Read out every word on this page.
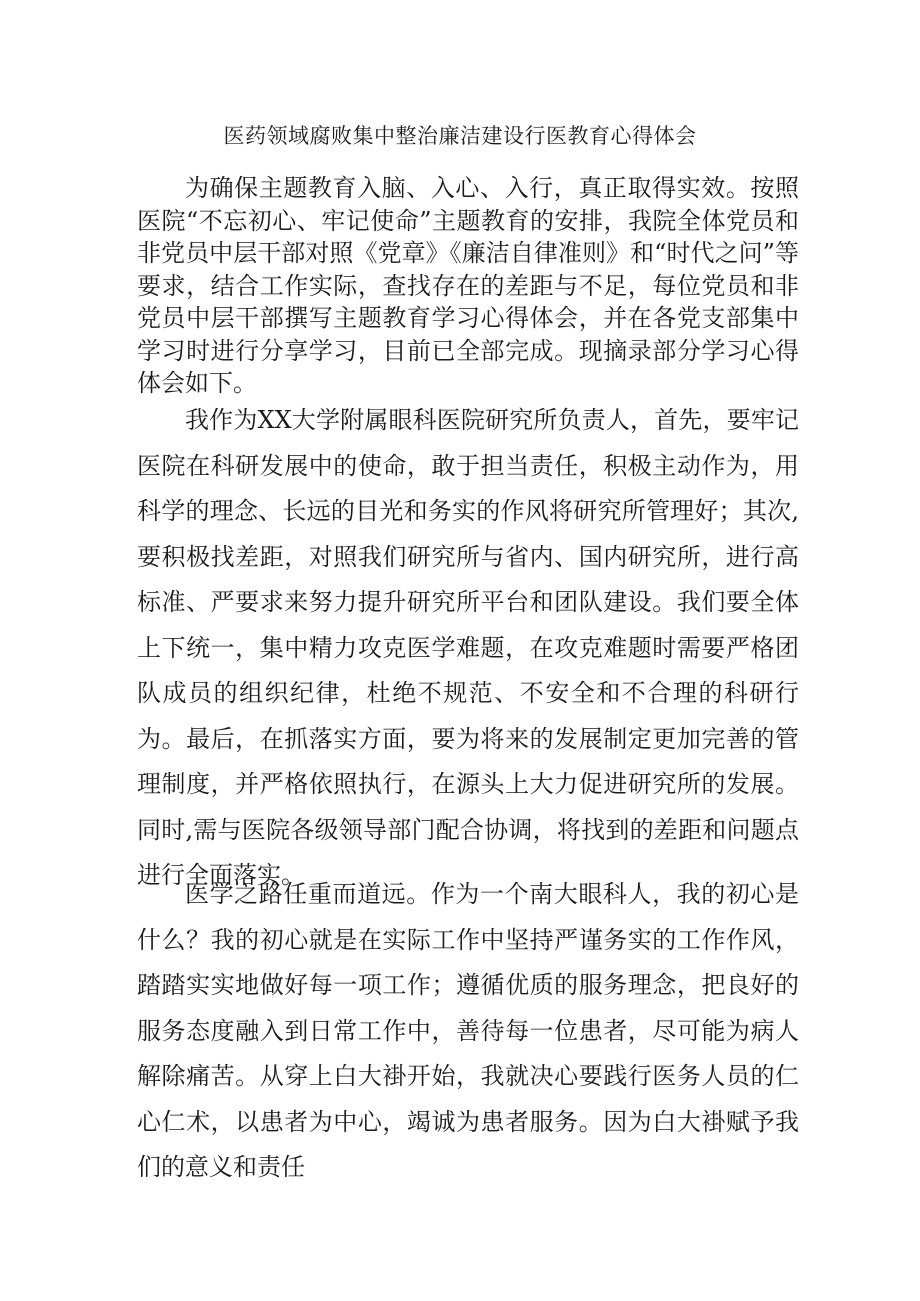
医药领域腐败集中整治廉洁建设行医教育心得体会

为确保主题教育入脑、入心、入行，真正取得实效。按照医院“不忘初心、牢记使命”主题教育的安排，我院全体党员和非党员中层干部对照《党章》《廉洁自律准则》和“时代之问”等要求，结合工作实际，查找存在的差距与不足，每位党员和非党员中层干部撰写主题教育学习心得体会，并在各党支部集中学习时进行分享学习，目前已全部完成。现摘录部分学习心得体会如下。

我作为XX大学附属眼科医院研究所负责人，首先，要牢记医院在科研发展中的使命，敢于担当责任，积极主动作为，用科学的理念、长远的目光和务实的作风将研究所管理好；其次,要积极找差距，对照我们研究所与省内、国内研究所，进行高标准、严要求来努力提升研究所平台和团队建设。我们要全体上下统一，集中精力攻克医学难题，在攻克难题时需要严格团队成员的组织纪律，杜绝不规范、不安全和不合理的科研行为。最后，在抓落实方面，要为将来的发展制定更加完善的管理制度，并严格依照执行，在源头上大力促进研究所的发展。同时,需与医院各级领导部门配合协调，将找到的差距和问题点进行全面落实。

医学之路任重而道远。作为一个南大眼科人，我的初心是什么？我的初心就是在实际工作中坚持严谨务实的工作作风，踏踏实实地做好每一项工作；遵循优质的服务理念，把良好的服务态度融入到日常工作中，善待每一位患者，尽可能为病人解除痛苦。从穿上白大褂开始，我就决心要践行医务人员的仁心仁术，以患者为中心，竭诚为患者服务。因为白大褂赋予我们的意义和责任
